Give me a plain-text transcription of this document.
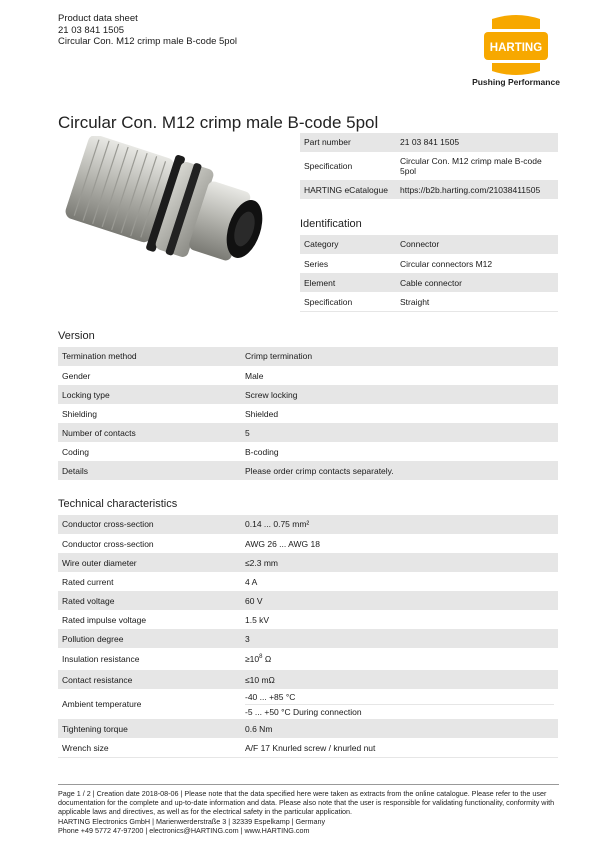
Product data sheet
21 03 841 1505
Circular Con. M12 crimp male B-code 5pol
HARTING
Pushing Performance
Circular Con. M12 crimp male B-code 5pol
Part number	21 03 841 1505
Specification	Circular Con. M12 crimp male B-code 5pol
HARTING eCatalogue	https://b2b.harting.com/21038411505
Identification
Category	Connector
Series	Circular connectors M12
Element	Cable connector
Specification	Straight
Version
Termination method	Crimp termination
Gender	Male
Locking type	Screw locking
Shielding	Shielded
Number of contacts	5
Coding	B-coding
Details	Please order crimp contacts separately.
Technical characteristics
Conductor cross-section	0.14 ... 0.75 mm²
Conductor cross-section	AWG 26 ... AWG 18
Wire outer diameter	≤2.3 mm
Rated current	4 A
Rated voltage	60 V
Rated impulse voltage	1.5 kV
Pollution degree	3
Insulation resistance	$\ge 10^8$ Ω
Contact resistance	≤10 mΩ
Ambient temperature	-40 ... +85 °C
-5 ... +50 °C During connection

Tightening torque	0.6 Nm
Wrench size	A/F 17 Knurled screw / knurled nut
Page 1 / 2 | Creation date 2018-08-06 | Please note that the data specified here were taken as extracts from the online catalogue. Please refer to the user documentation for the complete and up-to-date information and data. Please also note that the user is responsible for validating functionality, conformity with applicable laws and directives, as well as for the electrical safety in the particular application.
HARTING Electronics GmbH | Marienwerderstraße 3 | 32339 Espelkamp | Germany
Phone +49 5772 47-97200 | electronics@HARTING.com | www.HARTING.com
